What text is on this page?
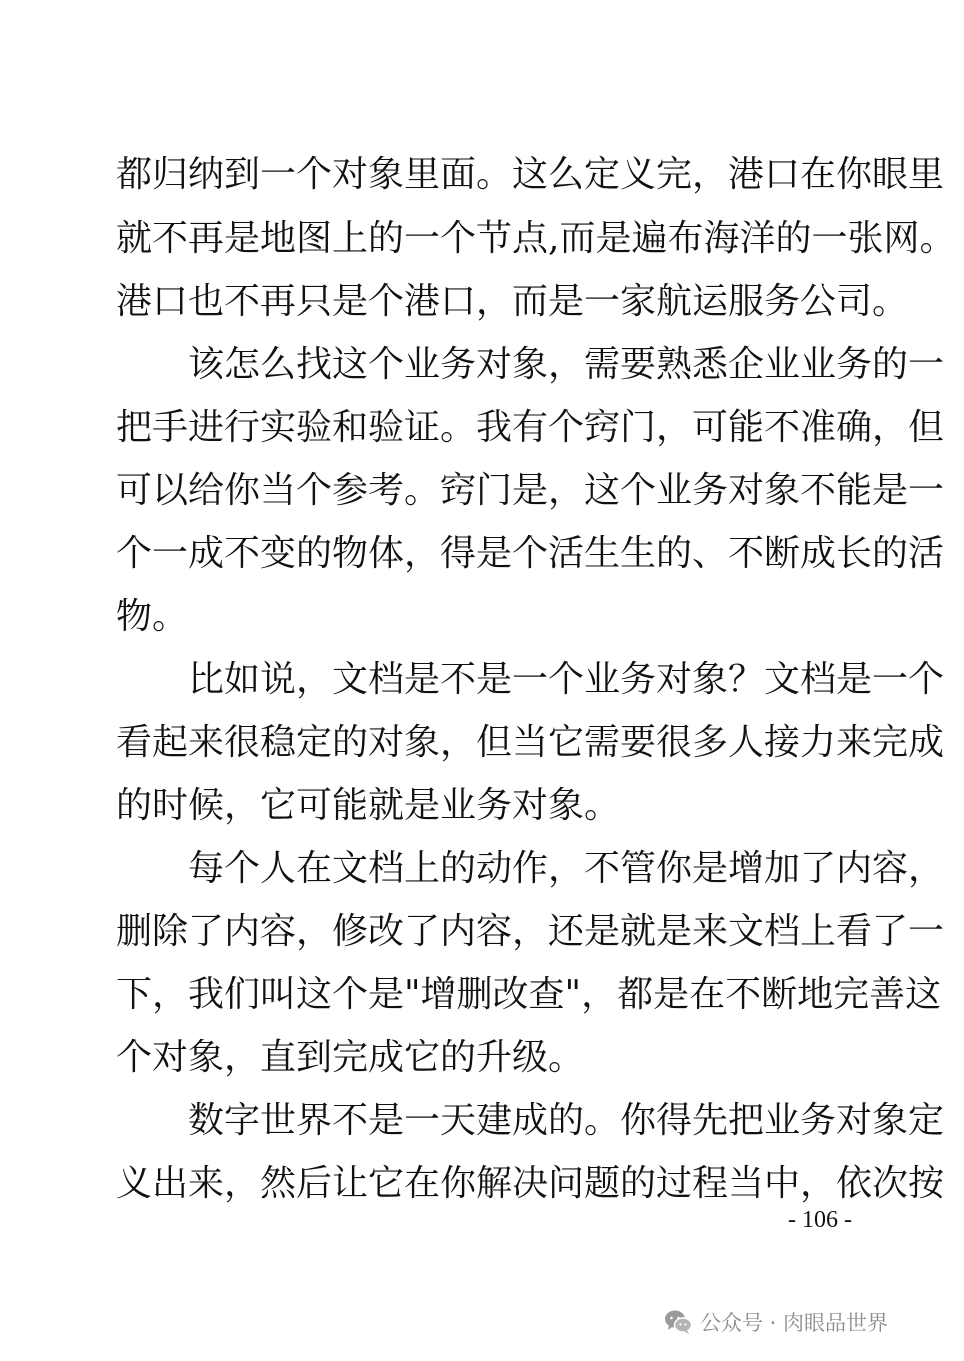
都归纳到一个对象里面。这么定义完，港口在你眼里
就不再是地图上的一个节点,而是遍布海洋的一张网。
港口也不再只是个港口，而是一家航运服务公司。
　　该怎么找这个业务对象，需要熟悉企业业务的一
把手进行实验和验证。我有个窍门，可能不准确，但
可以给你当个参考。窍门是，这个业务对象不能是一
个一成不变的物体，得是个活生生的、不断成长的活
物。
　　比如说，文档是不是一个业务对象？文档是一个
看起来很稳定的对象，但当它需要很多人接力来完成
的时候，它可能就是业务对象。
　　每个人在文档上的动作，不管你是增加了内容，
删除了内容，修改了内容，还是就是来文档上看了一
下，我们叫这个是"增删改查"，都是在不断地完善这
个对象，直到完成它的升级。
　　数字世界不是一天建成的。你得先把业务对象定
义出来，然后让它在你解决问题的过程当中，依次按
- 106 -
公众号 · 肉眼品世界
